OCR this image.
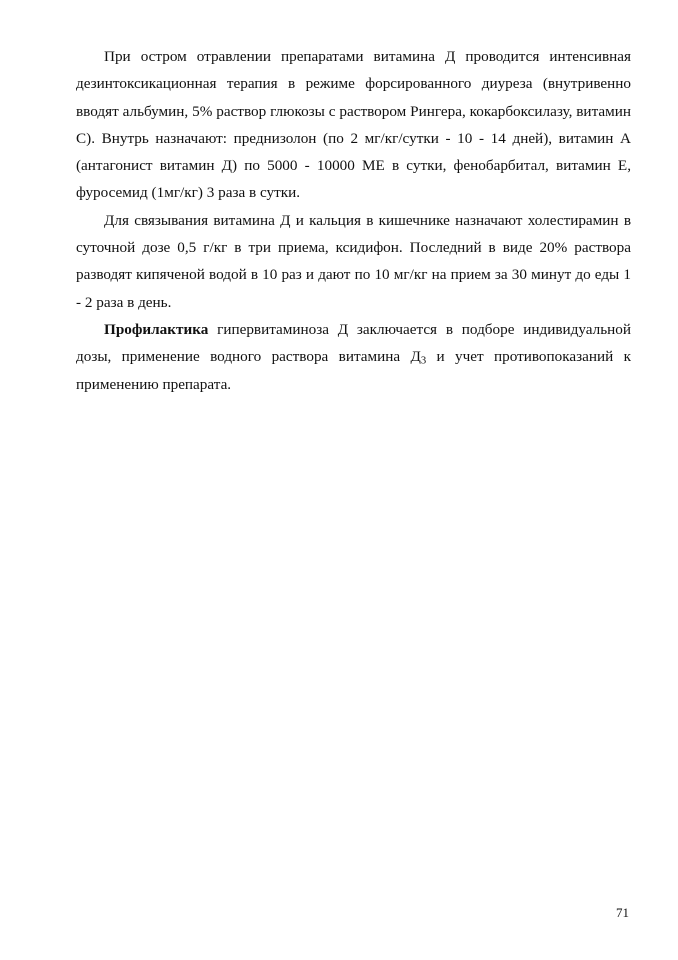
При остром отравлении препаратами витамина Д проводится интенсивная дезинтоксикационная терапия в режиме форсированного диуреза (внутривенно вводят альбумин, 5% раствор глюкозы с раствором Рингера, кокарбоксилазу, витамин С). Внутрь назначают: преднизолон (по 2 мг/кг/сутки - 10 - 14 дней), витамин А (антагонист витамин Д) по 5000 - 10000 МЕ в сутки, фенобарбитал, витамин Е, фуросемид (1мг/кг) 3 раза в сутки.

Для связывания витамина Д и кальция в кишечнике назначают холестирамин в суточной дозе 0,5 г/кг в три приема, ксидифон. Последний в виде 20% раствора разводят кипяченой водой в 10 раз и дают по 10 мг/кг на прием за 30 минут до еды 1 - 2 раза в день.

Профилактика гипервитаминоза Д заключается в подборе индивидуальной дозы, применение водного раствора витамина $Д_3$ и учет противопоказаний к применению препарата.

71
